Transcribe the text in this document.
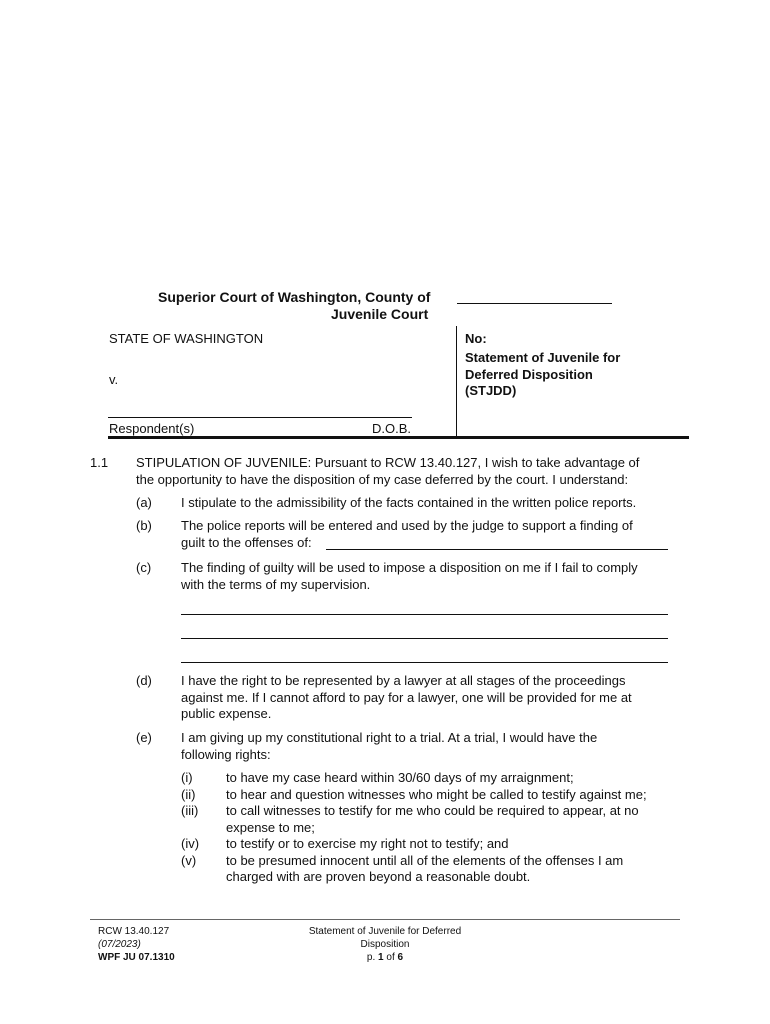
Superior Court of Washington, County of
Juvenile Court
STATE OF WASHINGTON
v.
Respondent(s)	D.O.B.
No:
Statement of Juvenile for
Deferred Disposition
(STJDD)
1.1 STIPULATION OF JUVENILE: Pursuant to RCW 13.40.127, I wish to take advantage of
the opportunity to have the disposition of my case deferred by the court. I understand:
(a) I stipulate to the admissibility of the facts contained in the written police reports.
(b) The police reports will be entered and used by the judge to support a finding of
guilt to the offenses of:
(c) The finding of guilty will be used to impose a disposition on me if I fail to comply
with the terms of my supervision.
(d) I have the right to be represented by a lawyer at all stages of the proceedings
against me. If I cannot afford to pay for a lawyer, one will be provided for me at
public expense.
(e) I am giving up my constitutional right to a trial. At a trial, I would have the
following rights:
(i)
(ii)
(iii)

(iv)
(v)
to have my case heard within 30/60 days of my arraignment;
to hear and question witnesses who might be called to testify against me;
to call witnesses to testify for me who could be required to appear, at no
expense to me;
to testify or to exercise my right not to testify; and
to be presumed innocent until all of the elements of the offenses I am
charged with are proven beyond a reasonable doubt.
RCW 13.40.127
(07/2023)
WPF JU 07.1310
Statement of Juvenile for Deferred
Disposition
p. 1 of 6
